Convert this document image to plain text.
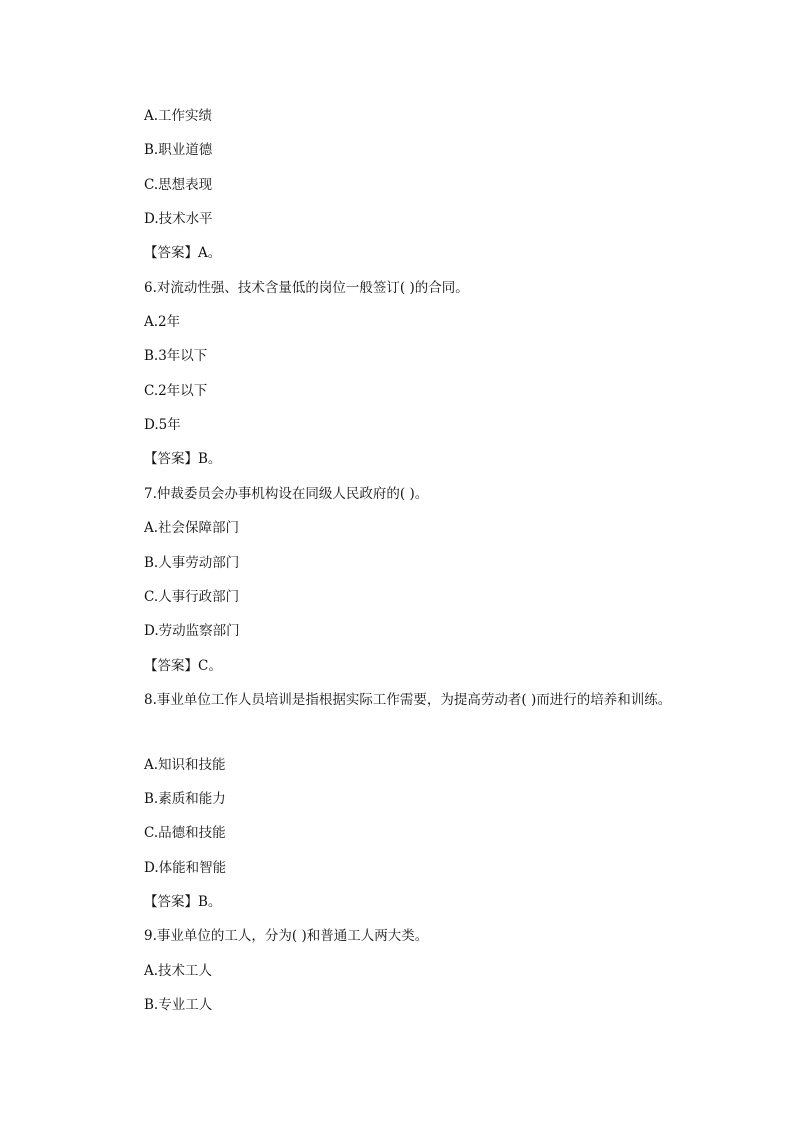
A.工作实绩
B.职业道德
C.思想表现
D.技术水平
【答案】A。
6.对流动性强、技术含量低的岗位一般签订( )的合同。
A.2年
B.3年以下
C.2年以下
D.5年
【答案】B。
7.仲裁委员会办事机构设在同级人民政府的( )。
A.社会保障部门
B.人事劳动部门
C.人事行政部门
D.劳动监察部门
【答案】C。
8.事业单位工作人员培训是指根据实际工作需要，为提高劳动者( )而进行的培养和训练。
A.知识和技能
B.素质和能力
C.品德和技能
D.体能和智能
【答案】B。
9.事业单位的工人，分为( )和普通工人两大类。
A.技术工人
B.专业工人
